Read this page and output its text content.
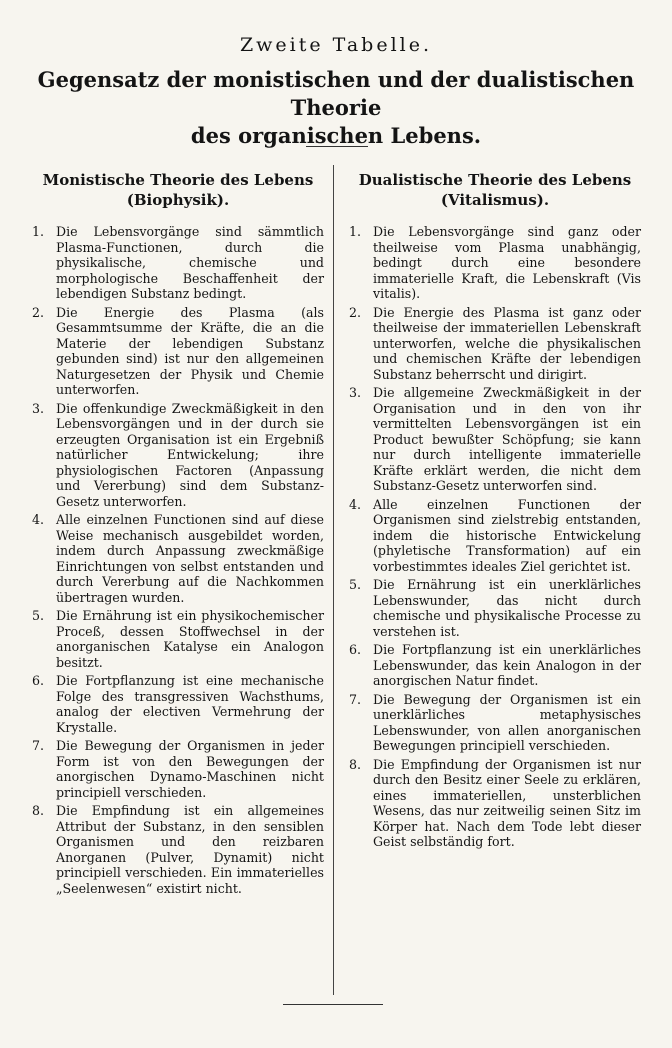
Zweite Tabelle.
Gegensatz der monistischen und der dualistischen Theorie
des organischen Lebens.
Monistische Theorie des Lebens
(Biophysik).
1. Die Lebensvorgänge sind sämmtlich Plasma-Functionen, durch die physikalische, chemische und morphologische Beschaffenheit der lebendigen Substanz bedingt.
2. Die Energie des Plasma (als Gesammtsumme der Kräfte, die an die Materie der lebendigen Substanz gebunden sind) ist nur den allgemeinen Naturgesetzen der Physik und Chemie unterworfen.
3. Die offenkundige Zweckmäßigkeit in den Lebensvorgängen und in der durch sie erzeugten Organisation ist ein Ergebniß natürlicher Entwickelung; ihre physiologischen Factoren (Anpassung und Vererbung) sind dem Substanz-Gesetz unterworfen.
4. Alle einzelnen Functionen sind auf diese Weise mechanisch ausgebildet worden, indem durch Anpassung zweckmäßige Einrichtungen von selbst entstanden und durch Vererbung auf die Nachkommen übertragen wurden.
5. Die Ernährung ist ein physikochemischer Proceß, dessen Stoffwechsel in der anorganischen Katalyse ein Analogon besitzt.
6. Die Fortpflanzung ist eine mechanische Folge des transgressiven Wachsthums, analog der electiven Vermehrung der Krystalle.
7. Die Bewegung der Organismen in jeder Form ist von den Bewegungen der anorgischen Dynamo-Maschinen nicht principiell verschieden.
8. Die Empfindung ist ein allgemeines Attribut der Substanz, in den sensiblen Organismen und den reizbaren Anorganen (Pulver, Dynamit) nicht principiell verschieden. Ein immaterielles „Seelenwesen“ existirt nicht.
Dualistische Theorie des Lebens
(Vitalismus).
1. Die Lebensvorgänge sind ganz oder theilweise vom Plasma unabhängig, bedingt durch eine besondere immaterielle Kraft, die Lebenskraft (Vis vitalis).
2. Die Energie des Plasma ist ganz oder theilweise der immateriellen Lebenskraft unterworfen, welche die physikalischen und chemischen Kräfte der lebendigen Substanz beherrscht und dirigirt.
3. Die allgemeine Zweckmäßigkeit in der Organisation und in den von ihr vermittelten Lebensvorgängen ist ein Product bewußter Schöpfung; sie kann nur durch intelligente immaterielle Kräfte erklärt werden, die nicht dem Substanz-Gesetz unterworfen sind.
4. Alle einzelnen Functionen der Organismen sind zielstrebig entstanden, indem die historische Entwickelung (phyletische Transformation) auf ein vorbestimmtes ideales Ziel gerichtet ist.
5. Die Ernährung ist ein unerklärliches Lebenswunder, das nicht durch chemische und physikalische Processe zu verstehen ist.
6. Die Fortpflanzung ist ein unerklärliches Lebenswunder, das kein Analogon in der anorgischen Natur findet.
7. Die Bewegung der Organismen ist ein unerklärliches metaphysisches Lebenswunder, von allen anorganischen Bewegungen principiell verschieden.
8. Die Empfindung der Organismen ist nur durch den Besitz einer Seele zu erklären, eines immateriellen, unsterblichen Wesens, das nur zeitweilig seinen Sitz im Körper hat. Nach dem Tode lebt dieser Geist selbständig fort.
